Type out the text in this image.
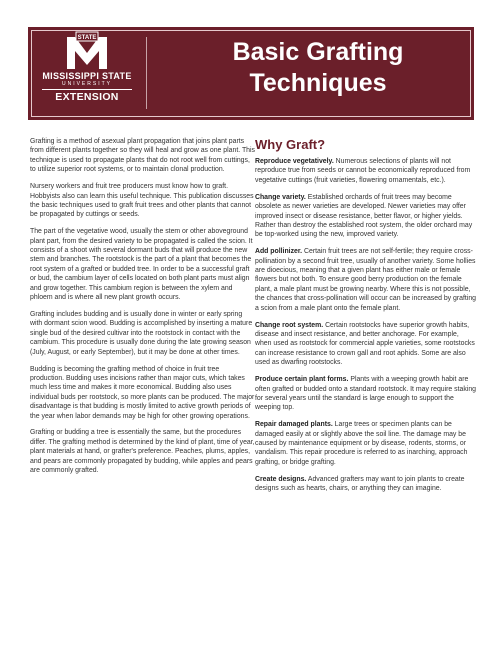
STATE
MISSISSIPPI STATE
UNIVERSITY
EXTENSION
Basic Grafting
Techniques

Grafting is a method of asexual plant propagation that joins plant parts from different plants together so they will heal and grow as one plant. This technique is used to propagate plants that do not root well from cuttings, to utilize superior root systems, or to maintain clonal production.

Nursery workers and fruit tree producers must know how to graft. Hobbyists also can learn this useful technique. This publication discusses the basic techniques used to graft fruit trees and other plants that cannot be propagated by cuttings or seeds.

The part of the vegetative wood, usually the stem or other aboveground plant part, from the desired variety to be propagated is called the scion. It consists of a shoot with several dormant buds that will produce the new stem and branches. The rootstock is the part of a plant that becomes the root system of a grafted or budded tree. In order to be a successful graft or bud, the cambium layer of cells located on both plant parts must align and grow together. This cambium region is between the xylem and phloem and is where all new plant growth occurs.

Grafting includes budding and is usually done in winter or early spring with dormant scion wood. Budding is accomplished by inserting a mature single bud of the desired cultivar into the rootstock in contact with the cambium. This procedure is usually done during the late growing season (July, August, or early September), but it may be done at other times.

Budding is becoming the grafting method of choice in fruit tree production. Budding uses incisions rather than major cuts, which takes much less time and makes it more economical. Budding also uses individual buds per rootstock, so more plants can be produced. The major disadvantage is that budding is mostly limited to active growth periods of the year when labor demands may be high for other growing operations.

Grafting or budding a tree is essentially the same, but the procedures differ. The grafting method is determined by the kind of plant, time of year, plant materials at hand, or grafter's preference. Peaches, plums, apples, and pears are commonly propagated by budding, while apples and pears are commonly grafted.

Why Graft?

Reproduce vegetatively. Numerous selections of plants will not reproduce true from seeds or cannot be economically reproduced from vegetative cuttings (fruit varieties, flowering ornamentals, etc.).

Change variety. Established orchards of fruit trees may become obsolete as newer varieties are developed. Newer varieties may offer improved insect or disease resistance, better flavor, or higher yields. Rather than destroy the established root system, the older orchard may be top-worked using the new, improved variety.

Add pollinizer. Certain fruit trees are not self-fertile; they require cross-pollination by a second fruit tree, usually of another variety. Some hollies are dioecious, meaning that a given plant has either male or female flowers but not both. To ensure good berry production on the female plant, a male plant must be growing nearby. Where this is not possible, the chances that cross-pollination will occur can be increased by grafting a scion from a male plant onto the female plant.

Change root system. Certain rootstocks have superior growth habits, disease and insect resistance, and better anchorage. For example, when used as rootstock for commercial apple varieties, some rootstocks can increase resistance to crown gall and root aphids. Some are also used as dwarfing rootstocks.

Produce certain plant forms. Plants with a weeping growth habit are often grafted or budded onto a standard rootstock. It may require staking for several years until the standard is large enough to support the weeping top.

Repair damaged plants. Large trees or specimen plants can be damaged easily at or slightly above the soil line. The damage may be caused by maintenance equipment or by disease, rodents, storms, or vandalism. This repair procedure is referred to as inarching, approach grafting, or bridge grafting.

Create designs. Advanced grafters may want to join plants to create designs such as hearts, chairs, or anything they can imagine.
